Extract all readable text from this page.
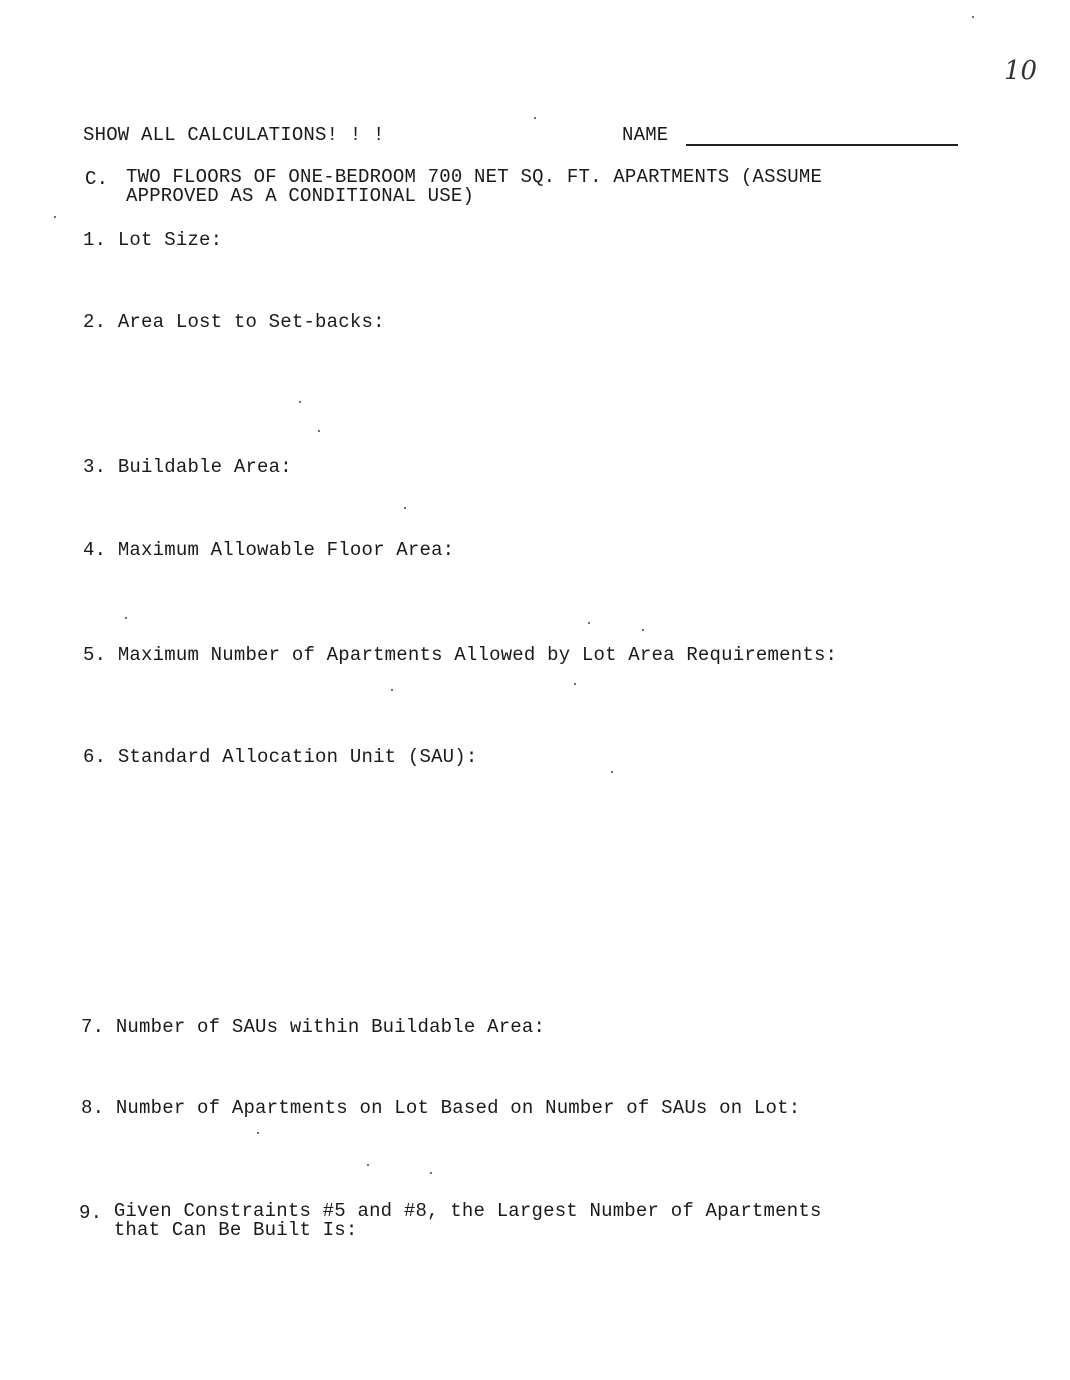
10
SHOW ALL CALCULATIONS! ! !	NAME
C. TWO FLOORS OF ONE-BEDROOM 700 NET SQ. FT. APARTMENTS (ASSUME
APPROVED AS A CONDITIONAL USE)
1. Lot Size:
2. Area Lost to Set-backs:
3. Buildable Area:
4. Maximum Allowable Floor Area:
5. Maximum Number of Apartments Allowed by Lot Area Requirements:
6. Standard Allocation Unit (SAU):
7. Number of SAUs within Buildable Area:
8. Number of Apartments on Lot Based on Number of SAUs on Lot:
9. Given Constraints #5 and #8, the Largest Number of Apartments
that Can Be Built Is:
